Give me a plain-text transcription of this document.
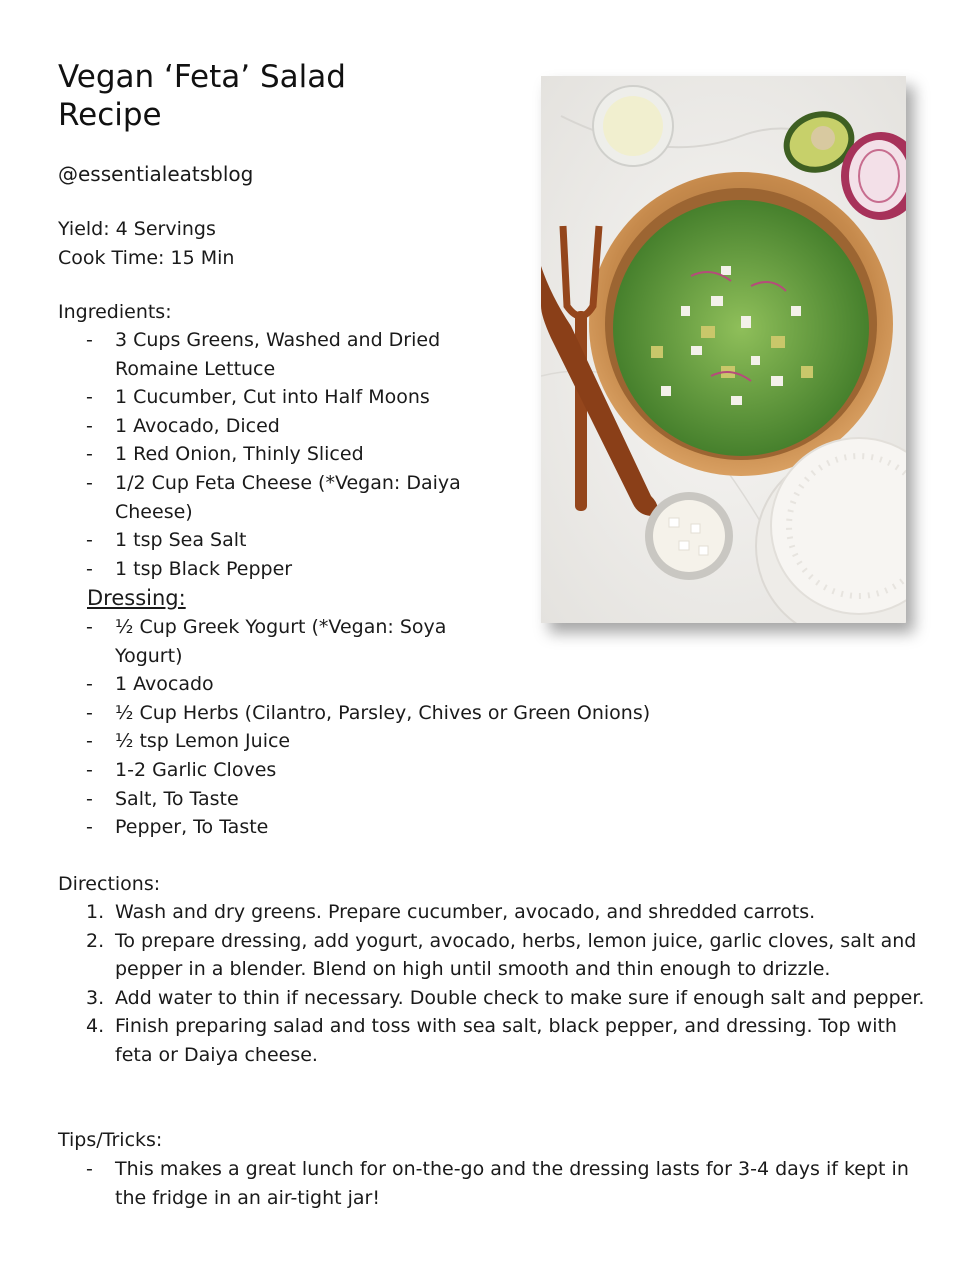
Vegan ‘Feta’ Salad
Recipe
@essentialeatsblog
Yield: 4 Servings
Cook Time: 15 Min
Ingredients:
- 3 Cups Greens, Washed and Dried Romaine Lettuce
- 1 Cucumber, Cut into Half Moons
- 1 Avocado, Diced
- 1 Red Onion, Thinly Sliced
- 1/2 Cup Feta Cheese (*Vegan: Daiya Cheese)
- 1 tsp Sea Salt
- 1 tsp Black Pepper
Dressing:
- ½ Cup Greek Yogurt (*Vegan: Soya Yogurt)
- 1 Avocado
- ½ Cup Herbs (Cilantro, Parsley, Chives or Green Onions)
- ½ tsp Lemon Juice
- 1-2 Garlic Cloves
- Salt, To Taste
- Pepper, To Taste
Directions:
1. Wash and dry greens. Prepare cucumber, avocado, and shredded carrots.
2. To prepare dressing, add yogurt, avocado, herbs, lemon juice, garlic cloves, salt and pepper in a blender. Blend on high until smooth and thin enough to drizzle.
3. Add water to thin if necessary. Double check to make sure if enough salt and pepper.
4. Finish preparing salad and toss with sea salt, black pepper, and dressing. Top with feta or Daiya cheese.
Tips/Tricks:
- This makes a great lunch for on-the-go and the dressing lasts for 3-4 days if kept in the fridge in an air-tight jar!
